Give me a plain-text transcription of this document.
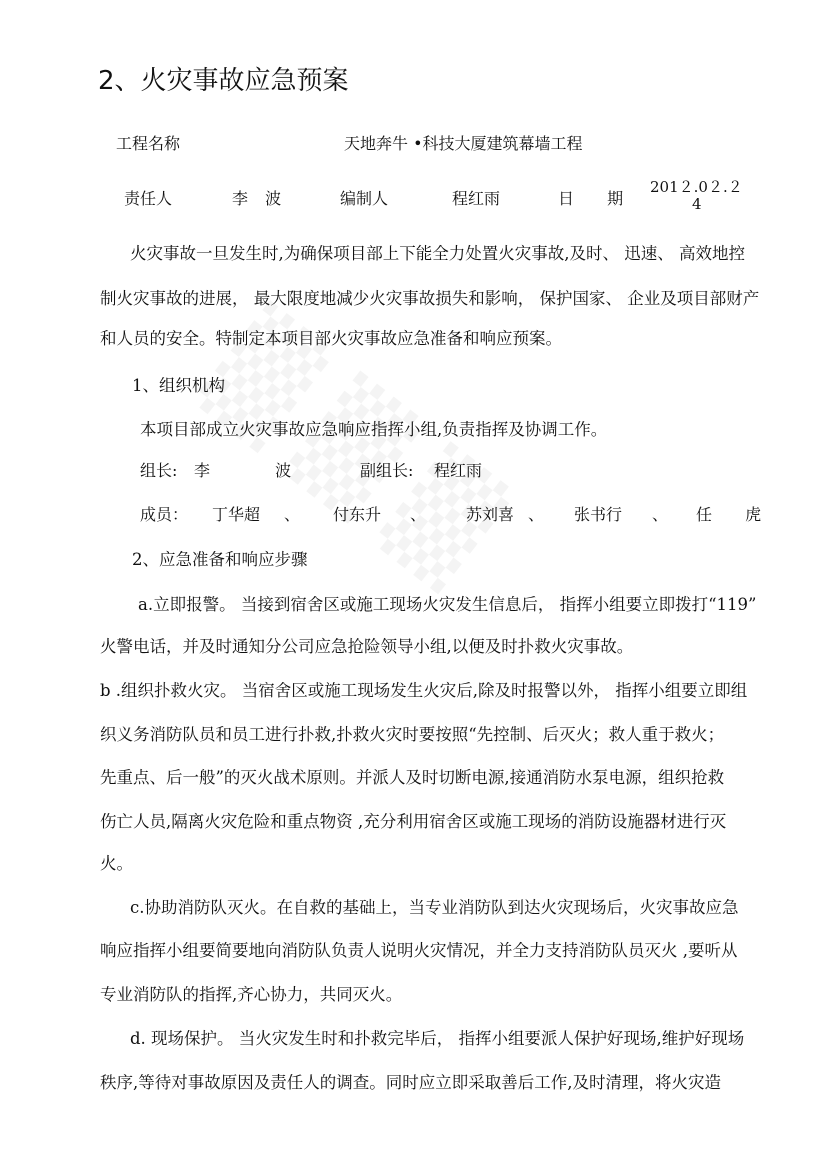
2、火灾事故应急预案
工程名称	天地奔牛 •科技大厦建筑幕墙工程
责任人	李 波	编制人	程红雨	日 期
201２.0２.２
4
火灾事故一旦发生时,为确保项目部上下能全力处置火灾事故,及时、 迅速、 高效地控
制火灾事故的进展， 最大限度地减少火灾事故损失和影响， 保护国家、 企业及项目部财产
和人员的安全。特制定本项目部火灾事故应急准备和响应预案。
1、组织机构
本项目部成立火灾事故应急响应指挥小组,负责指挥及协调工作。
组长: 李 波 副组长: 程红雨
成员： 丁华超 、 付东升 、 苏刘喜 、 张书行 、 任 虎
2、应急准备和响应步骤
a.立即报警。 当接到宿舍区或施工现场火灾发生信息后， 指挥小组要立即拨打“119”
火警电话，并及时通知分公司应急抢险领导小组,以便及时扑救火灾事故。
b .组织扑救火灾。 当宿舍区或施工现场发生火灾后,除及时报警以外， 指挥小组要立即组
织义务消防队员和员工进行扑救,扑救火灾时要按照“先控制、后灭火；救人重于救火；
先重点、后一般”的灭火战术原则。并派人及时切断电源,接通消防水泵电源，组织抢救
伤亡人员,隔离火灾危险和重点物资 ,充分利用宿舍区或施工现场的消防设施器材进行灭
火。
c.协助消防队灭火。在自救的基础上，当专业消防队到达火灾现场后，火灾事故应急
响应指挥小组要简要地向消防队负责人说明火灾情况，并全力支持消防队员灭火 ,要听从
专业消防队的指挥,齐心协力，共同灭火。
d. 现场保护。 当火灾发生时和扑救完毕后， 指挥小组要派人保护好现场,维护好现场
秩序,等待对事故原因及责任人的调查。同时应立即采取善后工作,及时清理，将火灾造
